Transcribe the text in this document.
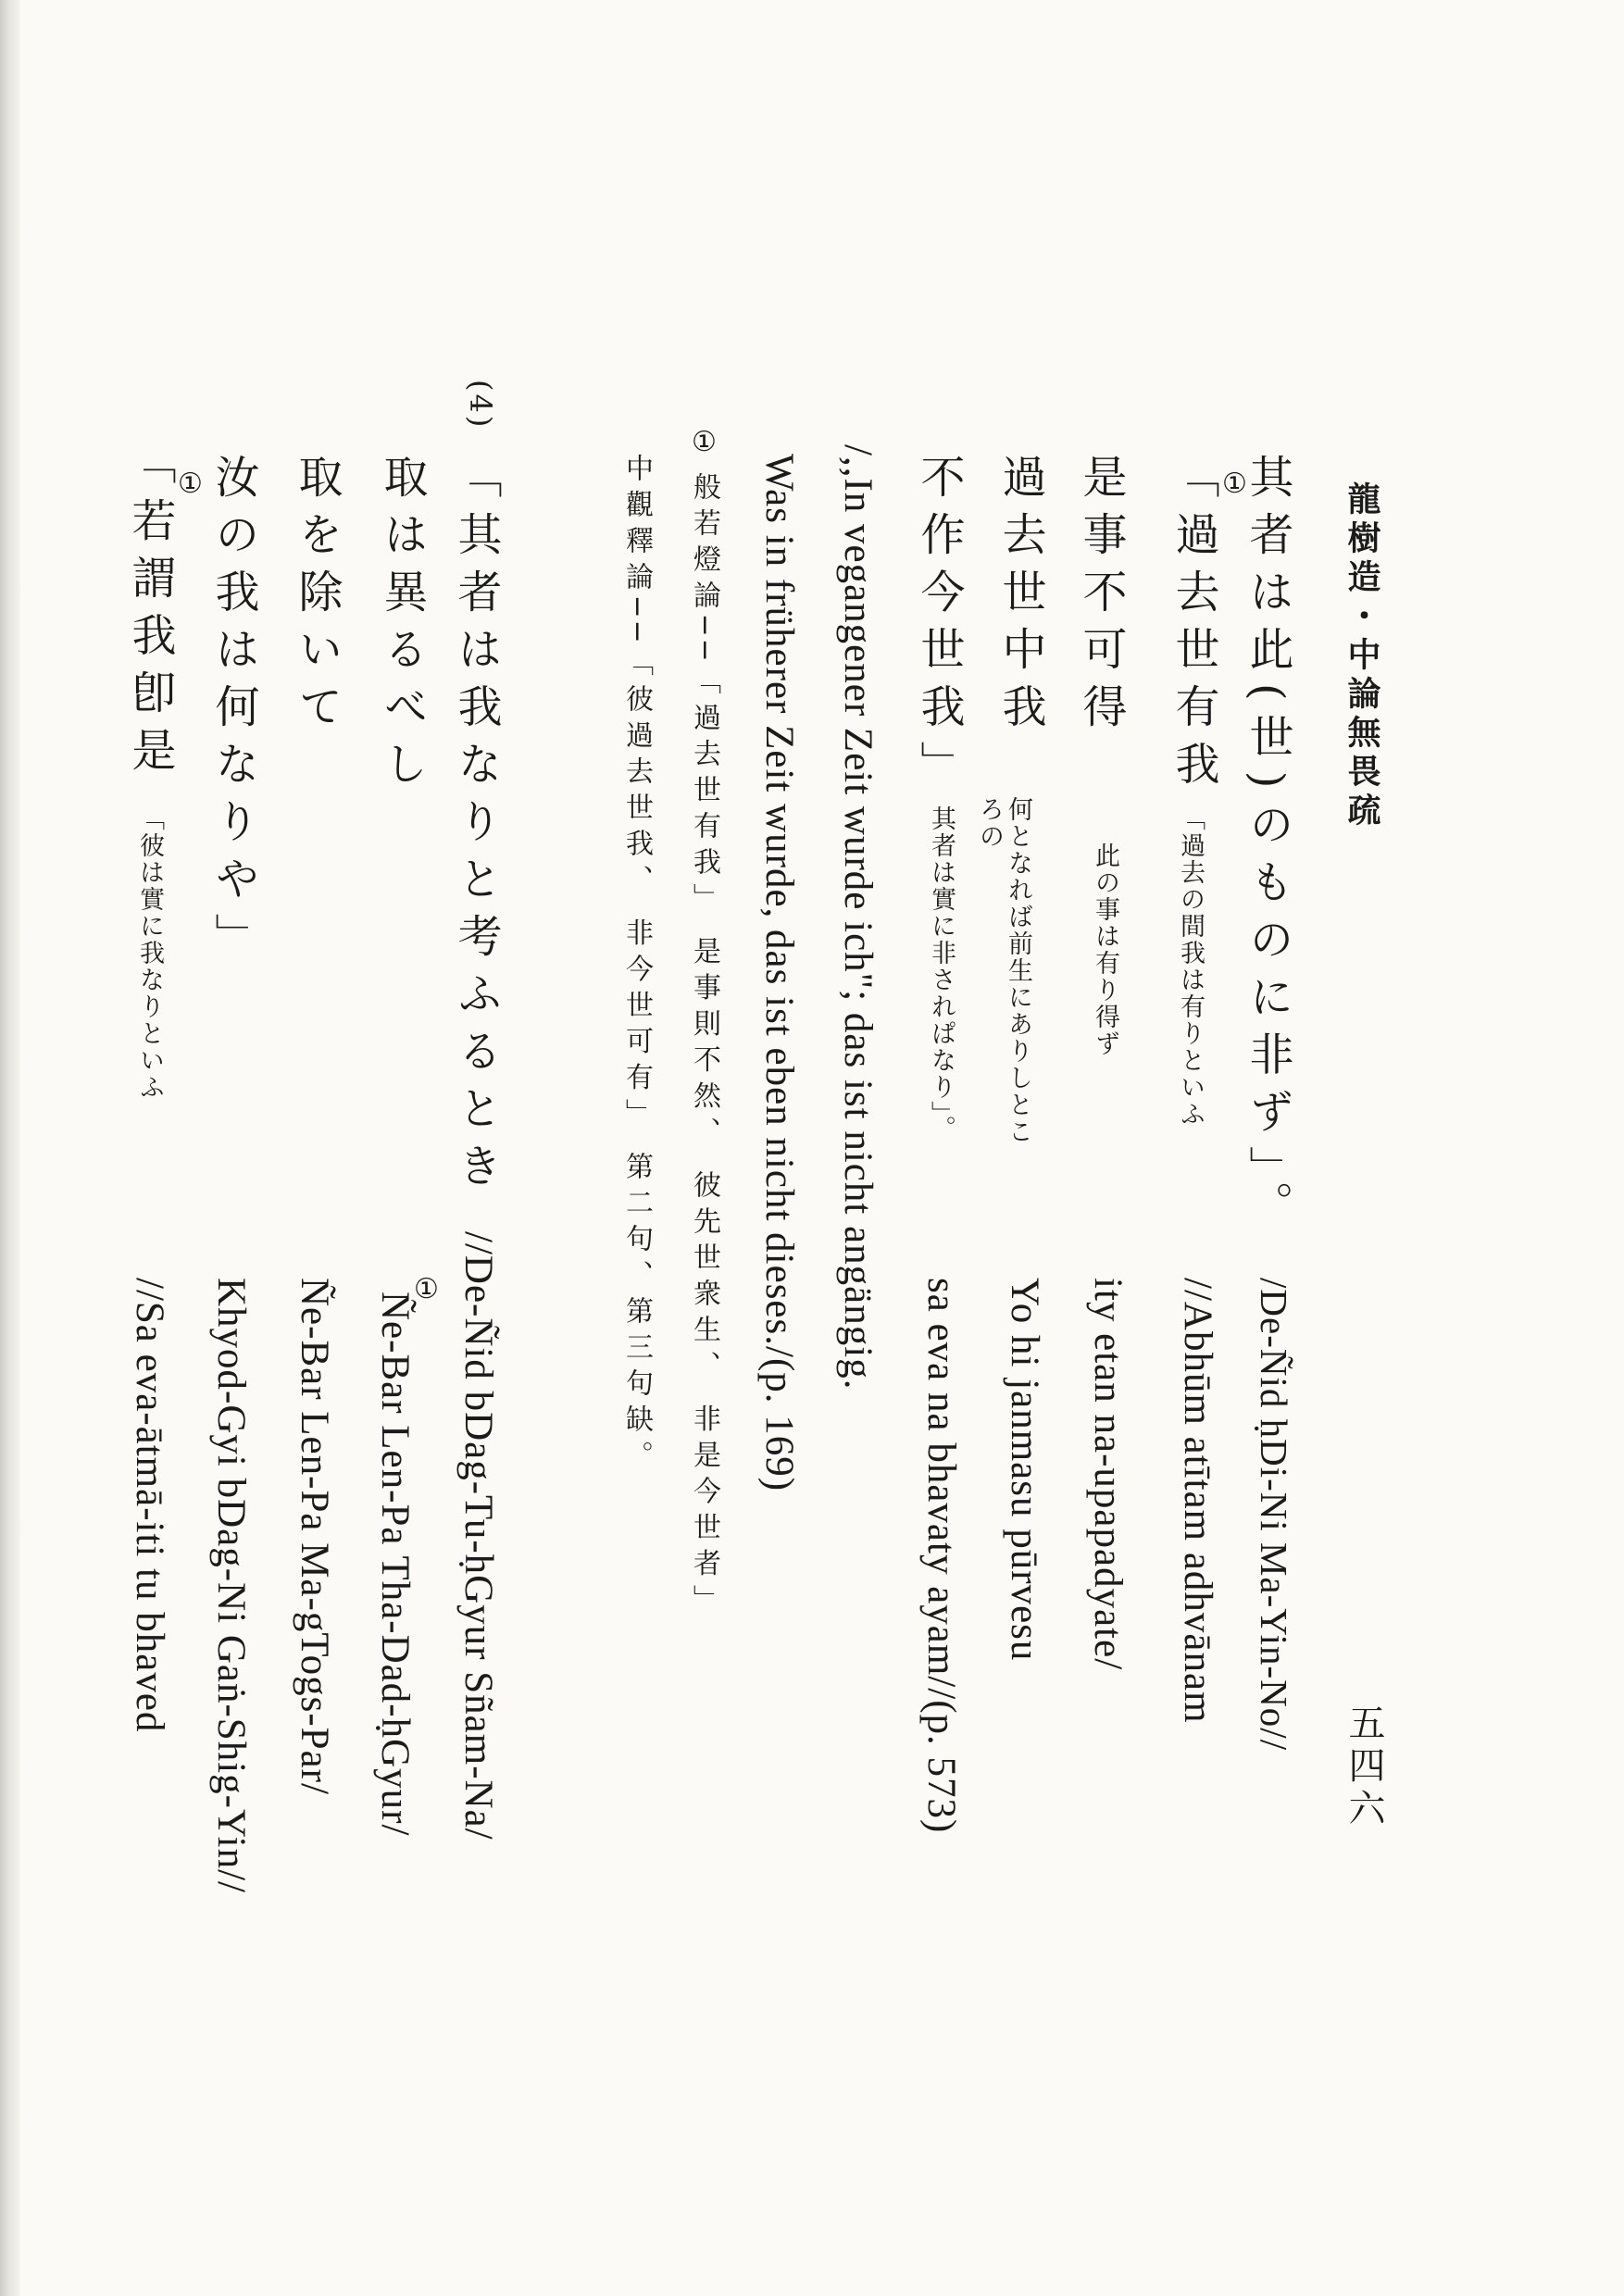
龍樹造・中論無畏疏
五四六
其者は此(世)のものに非ず」。
/De-Ñid ḥDi-Ni Ma-Yin-No//
①
「過去世有我
「過去の間我は有りといふ
//Abhūm atītam adhvānam
是事不可得
此の事は有り得ず
ity etan na-upapadyate/
過去世中我
何となれば前生にありしところの
Yo hi janmasu pūrvesu
不作今世我」
其者は實に非されぱなり」。
sa eva na bhavaty ayam//(p. 573)
/,,In vegangener Zeit wurde ich"; das ist nicht angängig.
Was in früherer Zeit wurde, das ist eben nicht dieses./(p. 169)
①
般若燈論──「過去世有我」 是事則不然、 彼先世衆生、 非是今世者」
中觀釋論──「彼過去世我、 非今世可有」 第二句、第三句缺。
(4)
「其者は我なりと考ふるとき
//De-Ñid bDag-Tu-ḥGyur Sñam-Na/
取は異るべし
①
Ñe-Bar Len-Pa Tha-Dad-ḥGyur/
取を除いて
Ñe-Bar Len-Pa Ma-gTogs-Par/
汝の我は何なりや」
Khyod-Gyi bDag-Ni Gaṅ-Shig-Yin//
①
「若謂我卽是
「彼は實に我なりといふ
//Sa eva-ātmā-iti tu bhaved
